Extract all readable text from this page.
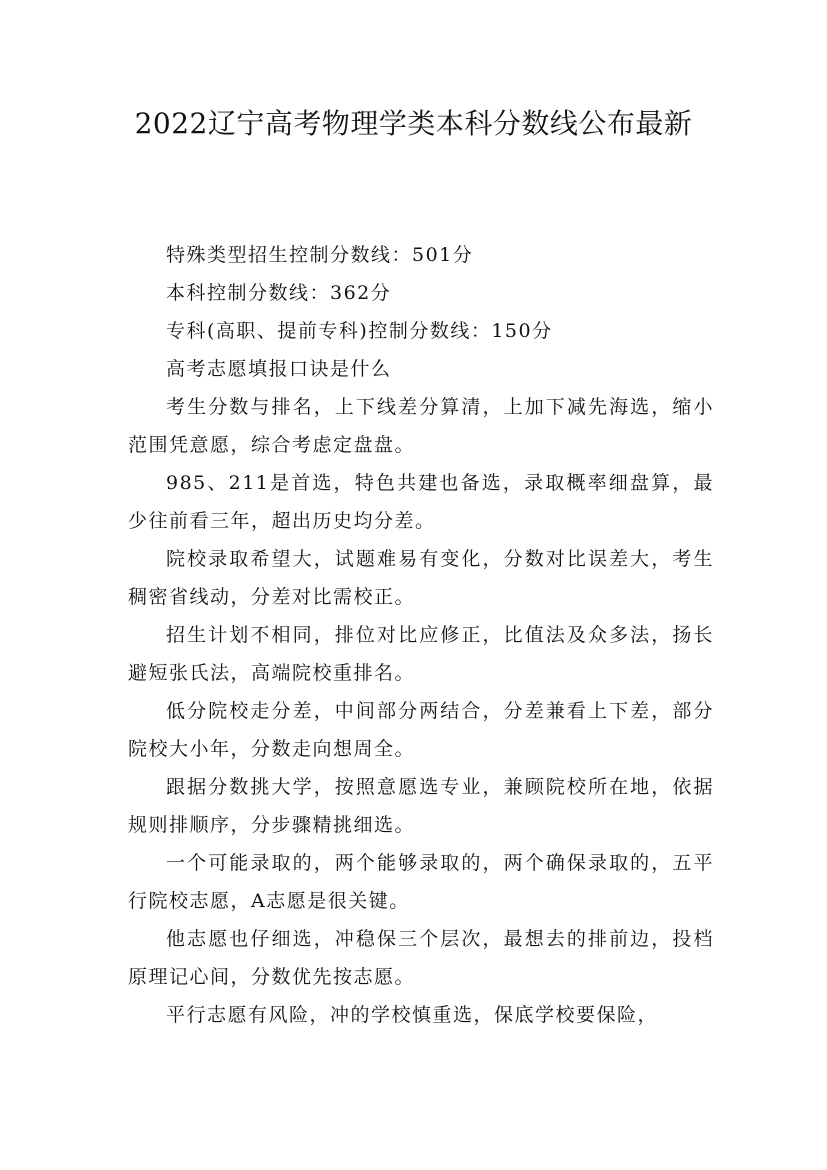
2022辽宁高考物理学类本科分数线公布最新

特殊类型招生控制分数线：501分

本科控制分数线：362分

专科(高职、提前专科)控制分数线：150分

高考志愿填报口诀是什么

考生分数与排名，上下线差分算清，上加下减先海选，缩小范围凭意愿，综合考虑定盘盘。

985、211是首选，特色共建也备选，录取概率细盘算，最少往前看三年，超出历史均分差。

院校录取希望大，试题难易有变化，分数对比误差大，考生稠密省线动，分差对比需校正。

招生计划不相同，排位对比应修正，比值法及众多法，扬长避短张氏法，高端院校重排名。

低分院校走分差，中间部分两结合，分差兼看上下差，部分院校大小年，分数走向想周全。

跟据分数挑大学，按照意愿选专业，兼顾院校所在地，依据规则排顺序，分步骤精挑细选。

一个可能录取的，两个能够录取的，两个确保录取的，五平行院校志愿，A志愿是很关键。

他志愿也仔细选，冲稳保三个层次，最想去的排前边，投档原理记心间，分数优先按志愿。

平行志愿有风险，冲的学校慎重选，保底学校要保险，
